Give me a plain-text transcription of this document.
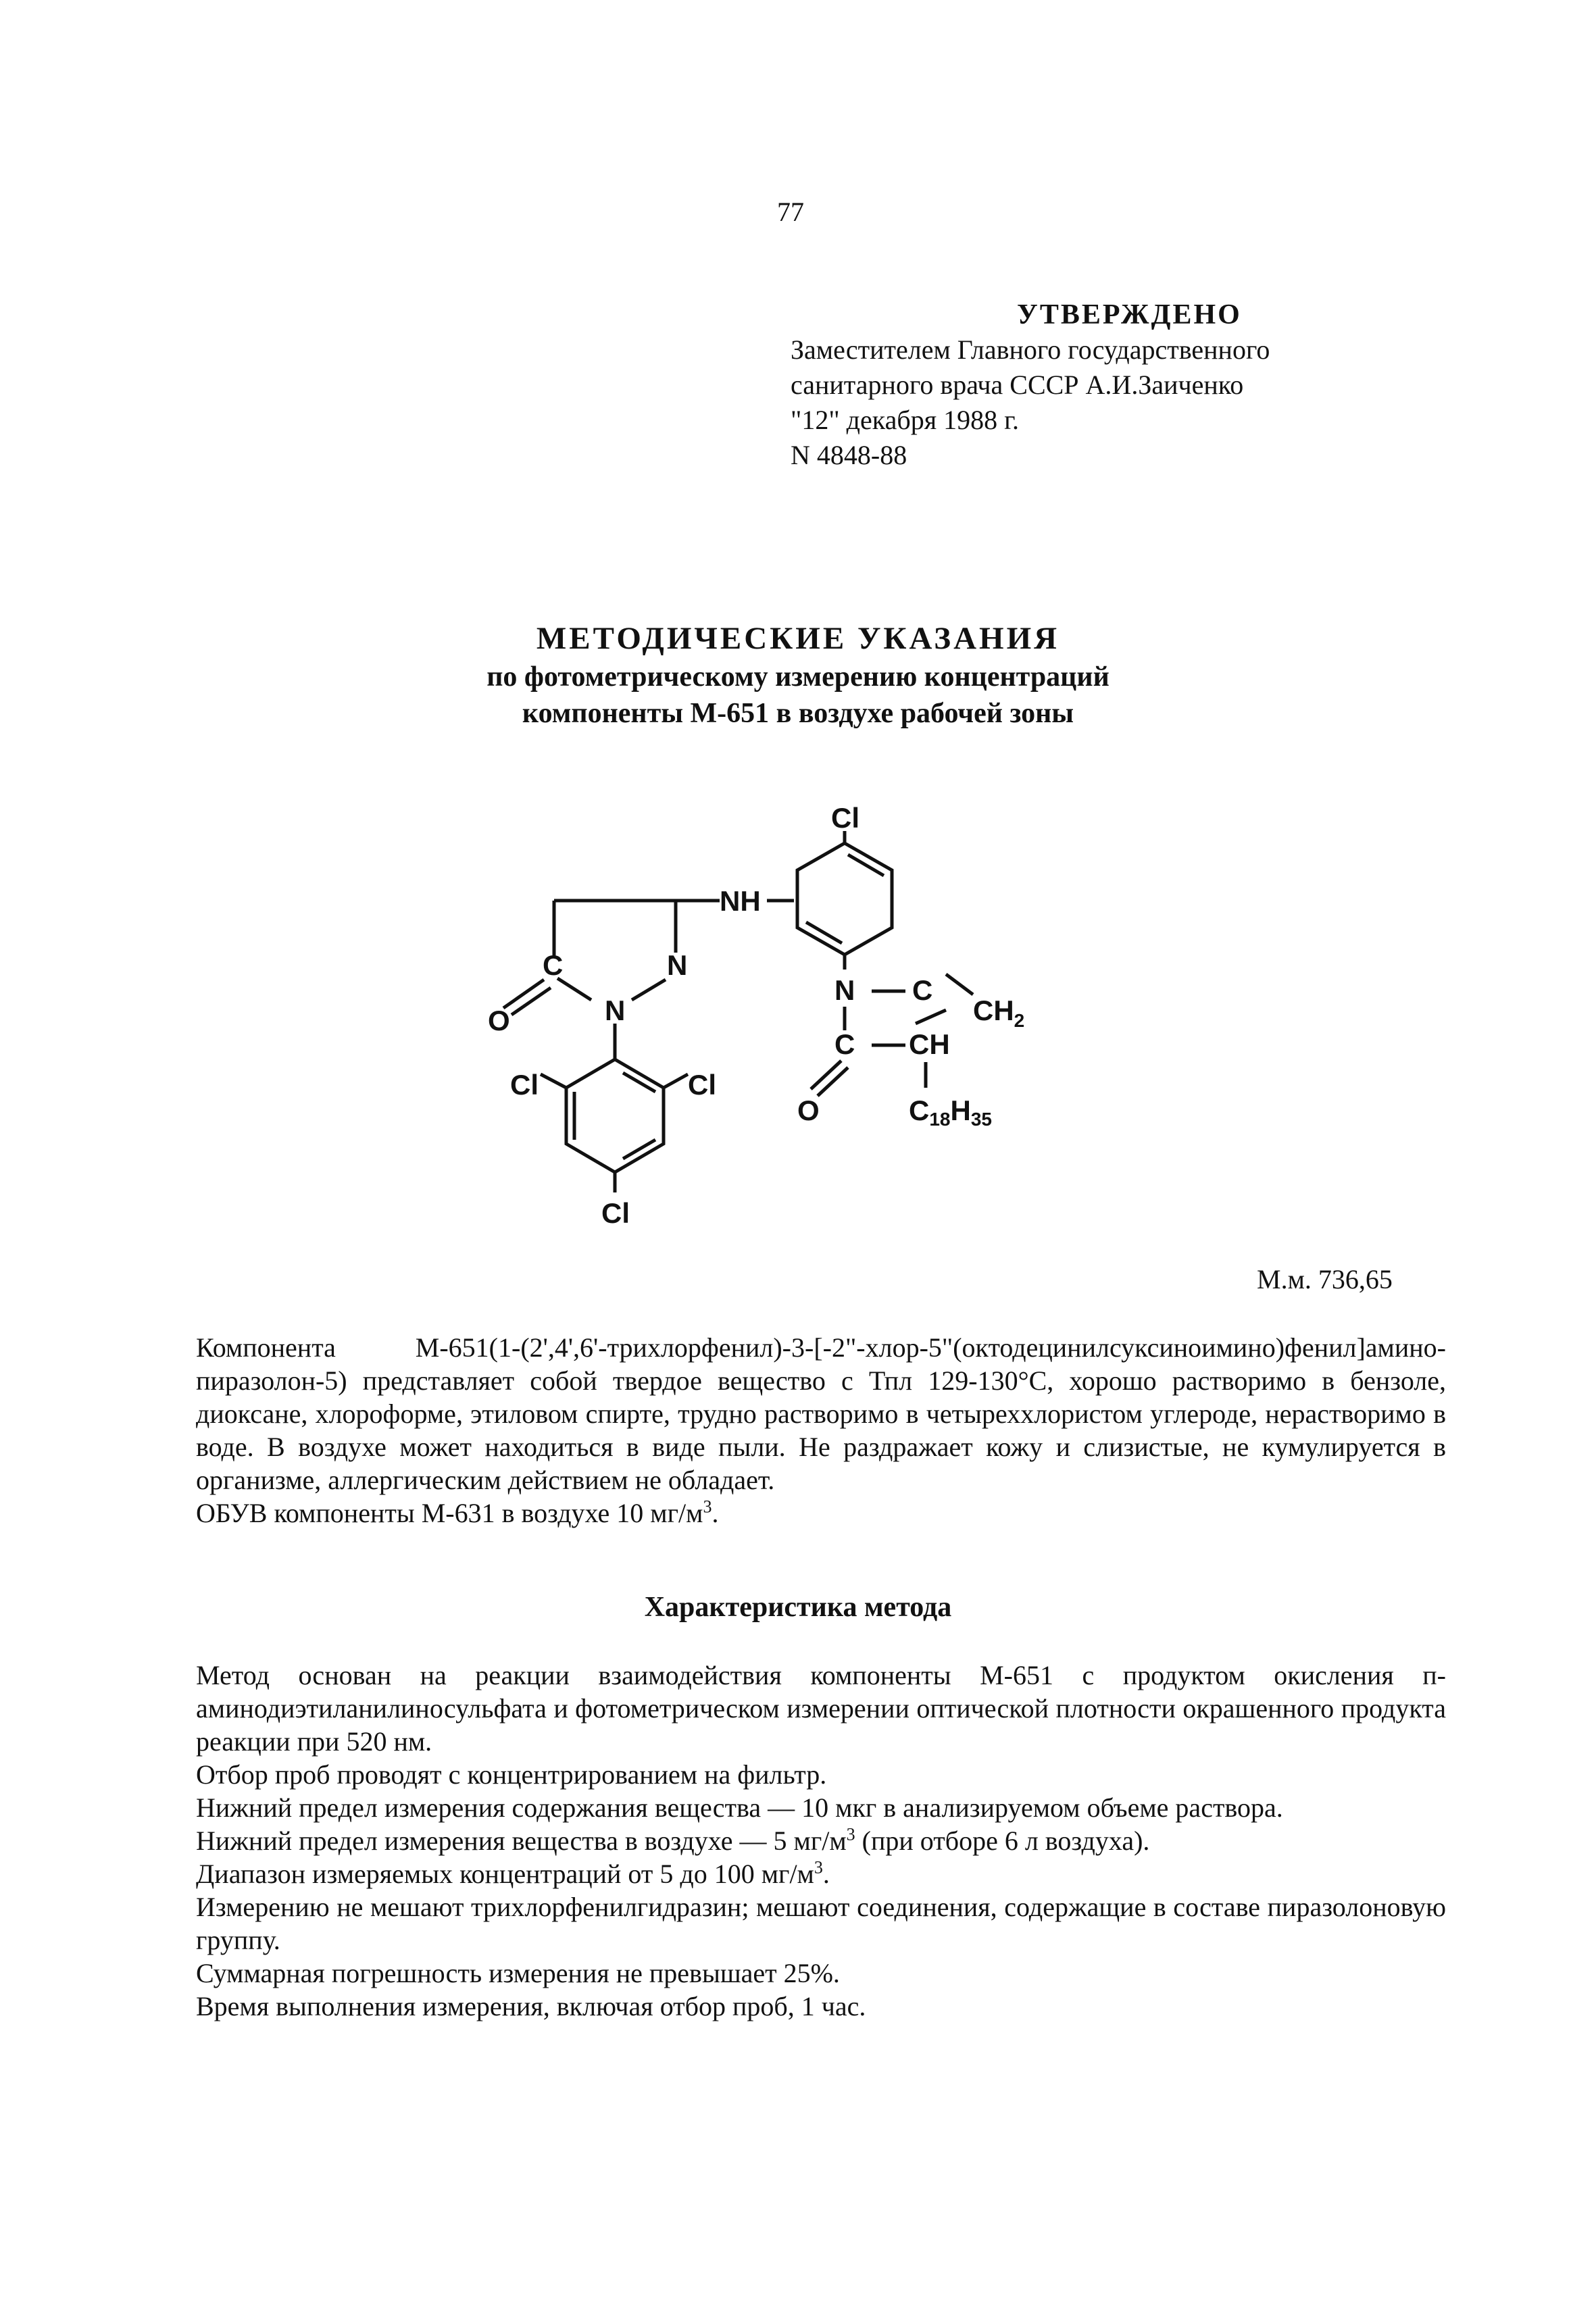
77
УТВЕРЖДЕНО
Заместителем Главного государственного
санитарного врача СССР А.И.Заиченко
"12" декабря 1988 г.
N 4848-88
МЕТОДИЧЕСКИЕ УКАЗАНИЯ
по фотометрическому измерению концентраций
компоненты М-651 в воздухе рабочей зоны
Cl
NH
C	N
N
O
Cl	Cl
Cl
N C
$CH_2$
C CH
O	C18H35
М.м. 736,65

Компонента М-651(1-(2',4',6'-трихлорфенил)-3-[-2"-хлор-5"(октодецинилсуксиноимино)фенил]амино-пиразолон-5) представляет собой твердое вещество с Тпл 129-130°С, хорошо растворимо в бензоле, диоксане, хлороформе, этиловом спирте, трудно растворимо в четыреххлористом углероде, нерастворимо в воде. В воздухе может находиться в виде пыли. Не раздражает кожу и слизистые, не кумулируется в организме, аллергическим действием не обладает.

ОБУВ компоненты М-631 в воздухе 10 $мг/м^3$.

Характеристика метода

Метод основан на реакции взаимодействия компоненты М-651 с продуктом окисления п-аминодиэтиланилиносульфата и фотометрическом измерении оптической плотности окрашенного продукта реакции при 520 нм.

Отбор проб проводят с концентрированием на фильтр.

Нижний предел измерения содержания вещества — 10 мкг в анализируемом объеме раствора.

Нижний предел измерения вещества в воздухе — 5 $мг/м^3$ (при отборе 6 л воздуха).

Диапазон измеряемых концентраций от 5 до 100 $мг/м^3$.

Измерению не мешают трихлорфенилгидразин; мешают соединения, содержащие в составе пиразолоновую группу.

Суммарная погрешность измерения не превышает 25%.

Время выполнения измерения, включая отбор проб, 1 час.
